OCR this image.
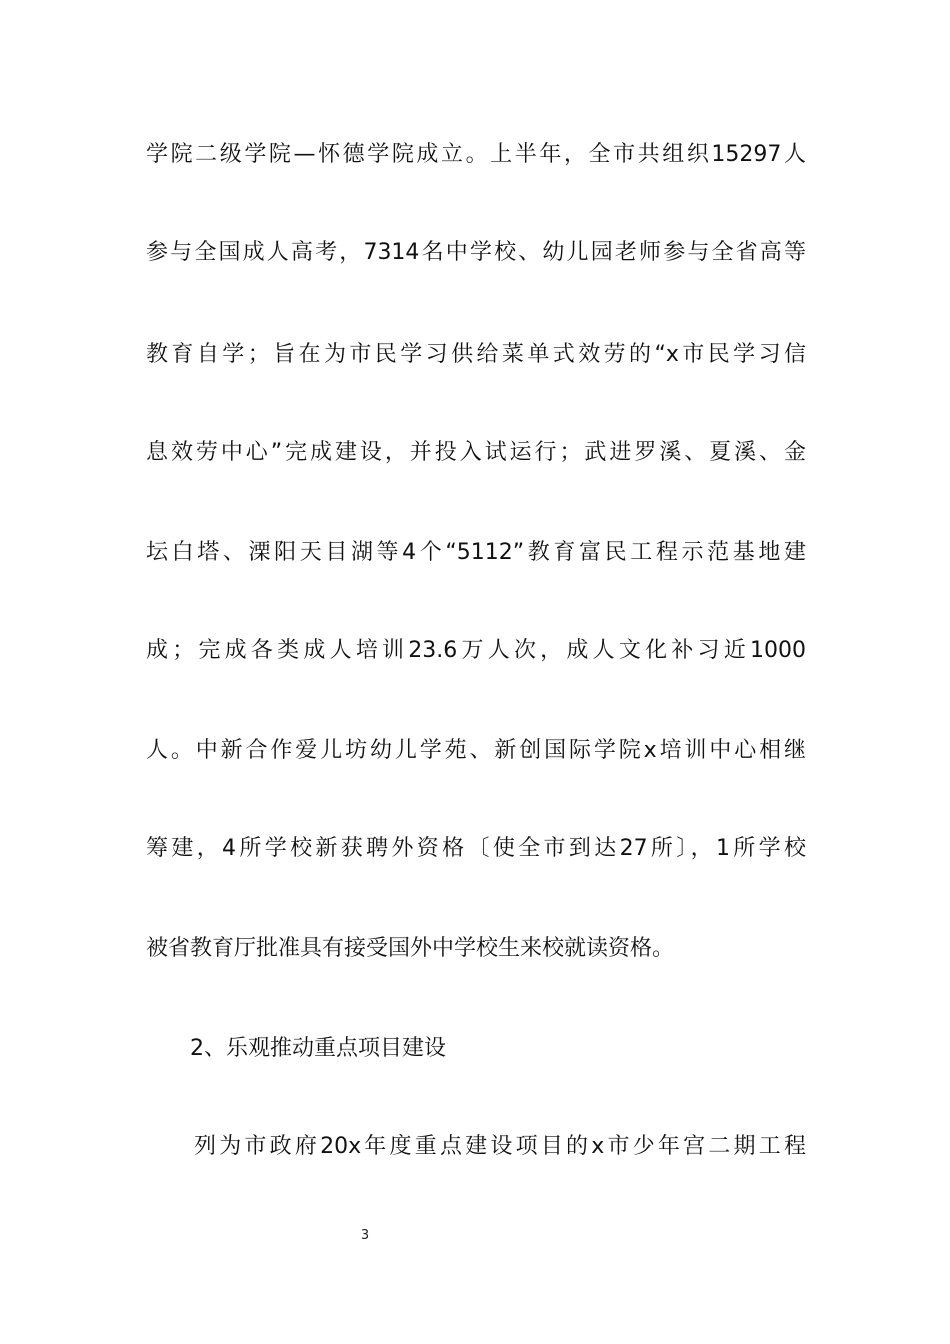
学院二级学院—怀德学院成立。上半年，全市共组织15297人
参与全国成人高考，7314名中学校、幼儿园老师参与全省高等
教育自学；旨在为市民学习供给菜单式效劳的“x市民学习信
息效劳中心”完成建设，并投入试运行；武进罗溪、夏溪、金
坛白塔、溧阳天目湖等4个“5112”教育富民工程示范基地建
成；完成各类成人培训23.6万人次，成人文化补习近1000
人。中新合作爱儿坊幼儿学苑、新创国际学院x培训中心相继
筹建，4所学校新获聘外资格〔使全市到达27所〕，1所学校
被省教育厅批准具有接受国外中学校生来校就读资格。
2、乐观推动重点项目建设
列为市政府20x年度重点建设项目的x市少年宫二期工程
3
